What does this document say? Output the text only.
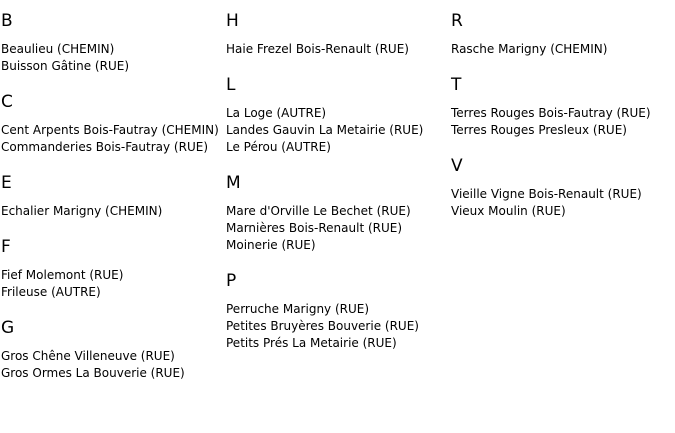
B
Beaulieu (CHEMIN)
Buisson Gâtine (RUE)
C
Cent Arpents Bois-Fautray (CHEMIN)
Commanderies Bois-Fautray (RUE)
E
Echalier Marigny (CHEMIN)
F
Fief Molemont (RUE)
Frileuse (AUTRE)
G
Gros Chêne Villeneuve (RUE)
Gros Ormes La Bouverie (RUE)
H
Haie Frezel Bois-Renault (RUE)
L
La Loge (AUTRE)
Landes Gauvin La Metairie (RUE)
Le Pérou (AUTRE)
M
Mare d'Orville Le Bechet (RUE)
Marnières Bois-Renault (RUE)
Moinerie (RUE)
P
Perruche Marigny (RUE)
Petites Bruyères Bouverie (RUE)
Petits Prés La Metairie (RUE)
R
Rasche Marigny (CHEMIN)
T
Terres Rouges Bois-Fautray (RUE)
Terres Rouges Presleux (RUE)
V
Vieille Vigne Bois-Renault (RUE)
Vieux Moulin (RUE)
